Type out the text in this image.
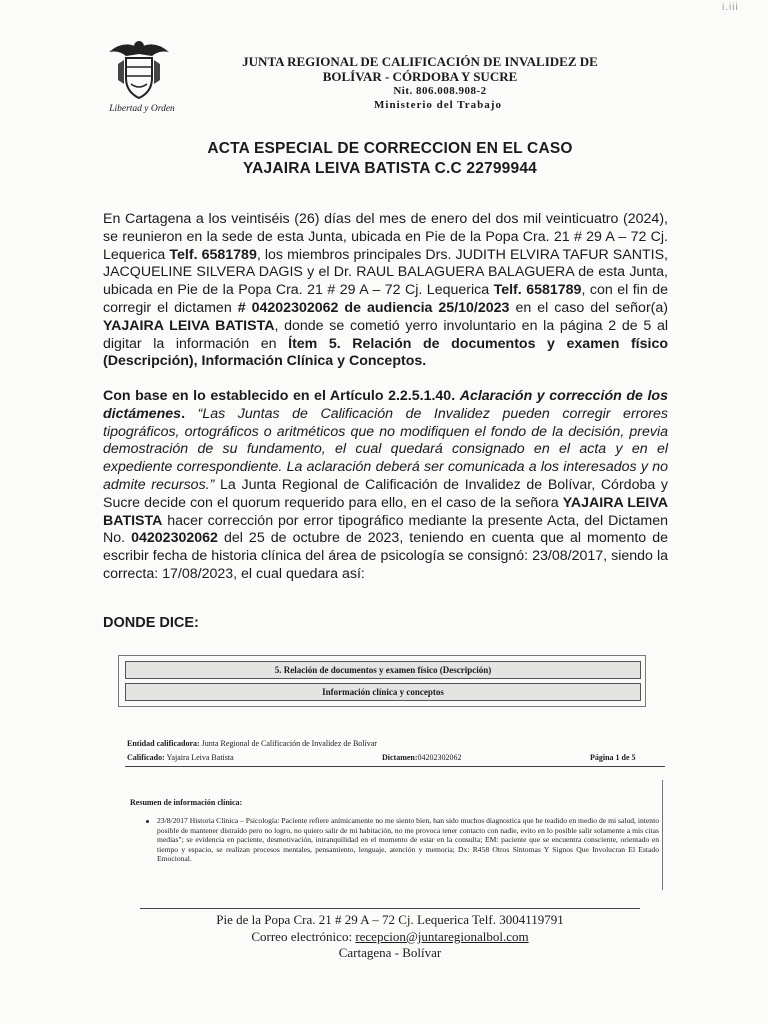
i.iii
Libertad y Orden
JUNTA REGIONAL DE CALIFICACIÓN DE INVALIDEZ DE
BOLÍVAR - CÓRDOBA Y SUCRE
Nit. 806.008.908-2
Ministerio del Trabajo
ACTA ESPECIAL DE CORRECCION EN EL CASO
YAJAIRA LEIVA BATISTA C.C 22799944
En Cartagena a los veintiséis (26) días del mes de enero del dos mil veinticuatro (2024), se reunieron en la sede de esta Junta, ubicada en Pie de la Popa Cra. 21 # 29 A – 72 Cj. Lequerica Telf. 6581789, los miembros principales Drs. JUDITH ELVIRA TAFUR SANTIS, JACQUELINE SILVERA DAGIS y el Dr. RAUL BALAGUERA BALAGUERA de esta Junta, ubicada en Pie de la Popa Cra. 21 # 29 A – 72 Cj. Lequerica Telf. 6581789, con el fin de corregir el dictamen # 04202302062 de audiencia 25/10/2023 en el caso del señor(a) YAJAIRA LEIVA BATISTA, donde se cometió yerro involuntario en la página 2 de 5 al digitar la información en Ítem 5. Relación de documentos y examen físico (Descripción), Información Clínica y Conceptos.
Con base en lo establecido en el Artículo 2.2.5.1.40. Aclaración y corrección de los dictámenes. “Las Juntas de Calificación de Invalidez pueden corregir errores tipográficos, ortográficos o aritméticos que no modifiquen el fondo de la decisión, previa demostración de su fundamento, el cual quedará consignado en el acta y en el expediente correspondiente. La aclaración deberá ser comunicada a los interesados y no admite recursos.” La Junta Regional de Calificación de Invalidez de Bolívar, Córdoba y Sucre decide con el quorum requerido para ello, en el caso de la señora YAJAIRA LEIVA BATISTA hacer corrección por error tipográfico mediante la presente Acta, del Dictamen No. 04202302062 del 25 de octubre de 2023, teniendo en cuenta que al momento de escribir fecha de historia clínica del área de psicología se consignó: 23/08/2017, siendo la correcta: 17/08/2023, el cual quedara así:
DONDE DICE:
5. Relación de documentos y examen físico (Descripción)
Información clínica y conceptos
Entidad calificadora: Junta Regional de Calificación de Invalidez de Bolívar
Calificado: Yajaira Leiva Batista	Dictamen:04202302062	Página 1 de 5
Resumen de información clínica:
23/8/2017 Historia Clínica – Psicología: Paciente refiere anímicamente no me siento bien, han sido muchos diagnostica que he teadido en medio de mi salud, intento posible de mantener distraído pero no logro, no quiero salir de mi habitación, no me provoca tener contacto con nadie, evito en lo posible salir solamente a mis citas medias"; se evidencia en paciente, desmotivación, intranquilidad en el momento de estar en la consulta; EM: paciente que se encuentra consciente, orientado en tiempo y espacio, se realizan procesos mentales, pensamiento, lenguaje, atención y memoria; Dx: R458 Otros Síntomas Y Signos Que Involucran El Estado Emocional.
Pie de la Popa Cra. 21 # 29 A – 72 Cj. Lequerica Telf. 3004119791
Correo electrónico: recepcion@juntaregionalbol.com
Cartagena - Bolívar
